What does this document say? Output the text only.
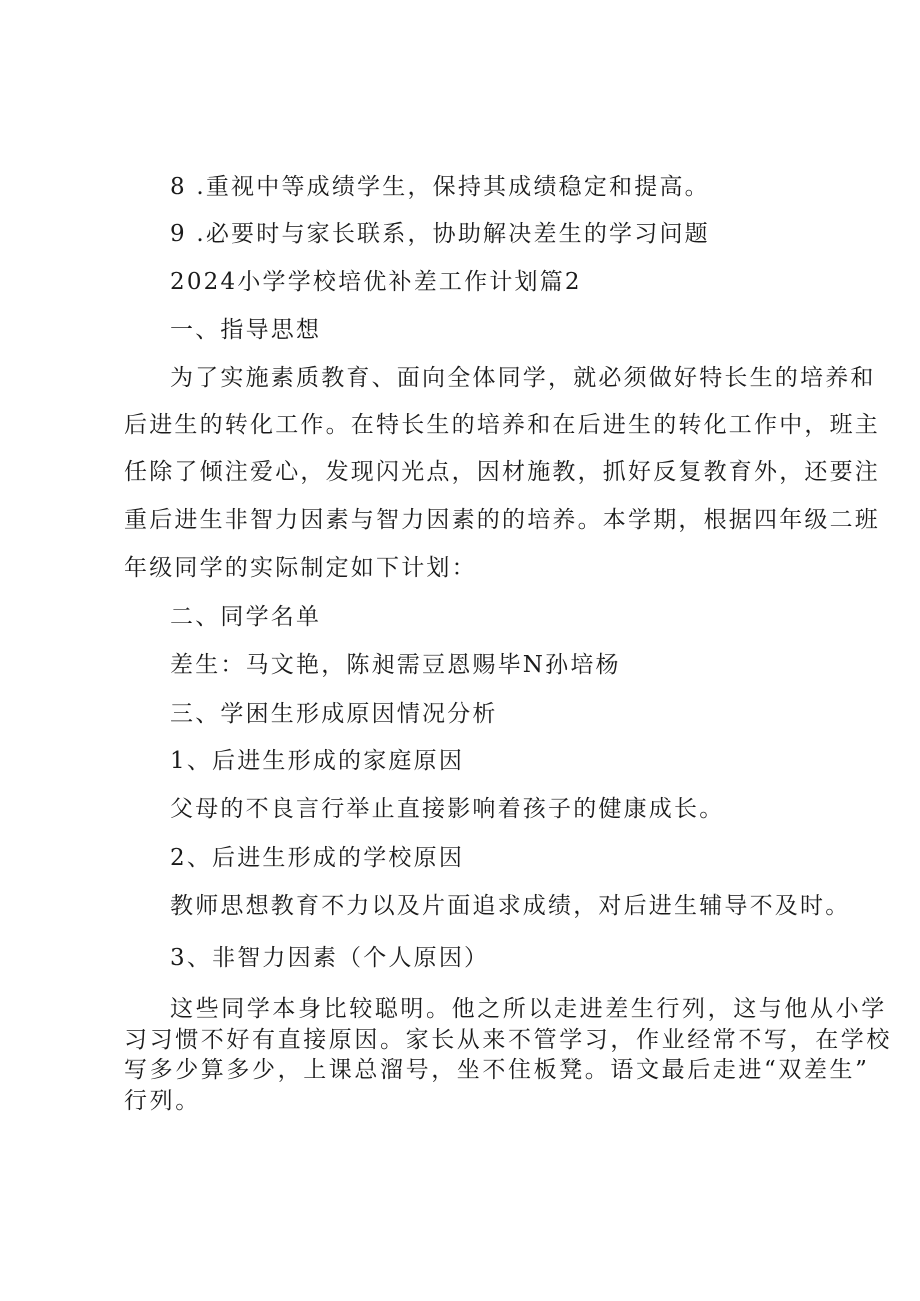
8 .重视中等成绩学生，保持其成绩稳定和提高。
9 .必要时与家长联系，协助解决差生的学习问题
2024小学学校培优补差工作计划篇2
一、指导思想
为了实施素质教育、面向全体同学，就必须做好特长生的培养和
后进生的转化工作。在特长生的培养和在后进生的转化工作中，班主
任除了倾注爱心，发现闪光点，因材施教，抓好反复教育外，还要注
重后进生非智力因素与智力因素的的培养。本学期，根据四年级二班
年级同学的实际制定如下计划：
二、同学名单
差生：马文艳，陈昶需豆恩赐毕N孙培杨
三、学困生形成原因情况分析
1、后进生形成的家庭原因
父母的不良言行举止直接影响着孩子的健康成长。
2、后进生形成的学校原因
教师思想教育不力以及片面追求成绩，对后进生辅导不及时。
3、非智力因素（个人原因）
这些同学本身比较聪明。他之所以走进差生行列，这与他从小学
习习惯不好有直接原因。家长从来不管学习，作业经常不写，在学校
写多少算多少，上课总溜号，坐不住板凳。语文最后走进“双差生”
行列。
